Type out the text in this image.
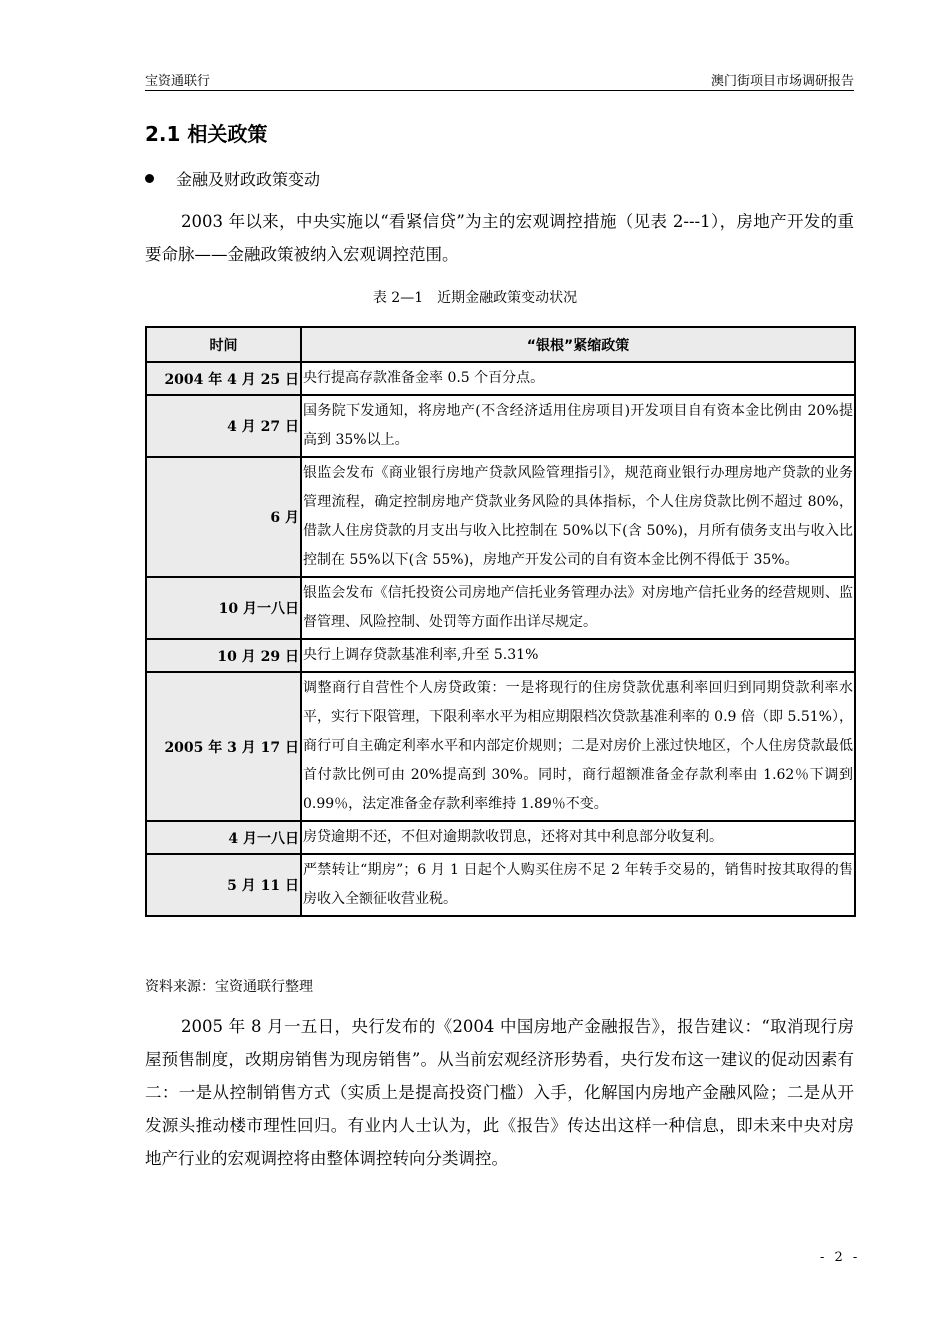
宝资通联行	澳门街项目市场调研报告
2.1 相关政策
金融及财政政策变动
2003 年以来，中央实施以“看紧信贷”为主的宏观调控措施（见表 2---1），房地产开发的重要命脉——金融政策被纳入宏观调控范围。
表 2—1　近期金融政策变动状况
时间	“银根”紧缩政策
2004 年 4 月 25 日	央行提高存款准备金率 0.5 个百分点。
4 月 27 日	国务院下发通知，将房地产(不含经济适用住房项目)开发项目自有资本金比例由 20%提高到 35%以上。
6 月	银监会发布《商业银行房地产贷款风险管理指引》，规范商业银行办理房地产贷款的业务管理流程，确定控制房地产贷款业务风险的具体指标，个人住房贷款比例不超过 80%，借款人住房贷款的月支出与收入比控制在 50%以下(含 50%)，月所有债务支出与收入比控制在 55%以下(含 55%)，房地产开发公司的自有资本金比例不得低于 35%。
10 月一八日	银监会发布《信托投资公司房地产信托业务管理办法》对房地产信托业务的经营规则、监督管理、风险控制、处罚等方面作出详尽规定。
10 月 29 日	央行上调存贷款基准利率,升至 5.31%
2005 年 3 月 17 日	调整商行自营性个人房贷政策：一是将现行的住房贷款优惠利率回归到同期贷款利率水平，实行下限管理，下限利率水平为相应期限档次贷款基准利率的 0.9 倍（即 5.51%），商行可自主确定利率水平和内部定价规则；二是对房价上涨过快地区，个人住房贷款最低首付款比例可由 20%提高到 30%。同时，商行超额准备金存款利率由 1.62％下调到 0.99％，法定准备金存款利率维持 1.89％不变。
4 月一八日	房贷逾期不还，不但对逾期款收罚息，还将对其中利息部分收复利。
5 月 11 日	严禁转让“期房”；6 月 1 日起个人购买住房不足 2 年转手交易的，销售时按其取得的售房收入全额征收营业税。
资料来源：宝资通联行整理
2005 年 8 月一五日，央行发布的《2004 中国房地产金融报告》，报告建议：“取消现行房屋预售制度，改期房销售为现房销售”。从当前宏观经济形势看，央行发布这一建议的促动因素有二：一是从控制销售方式（实质上是提高投资门槛）入手，化解国内房地产金融风险；二是从开发源头推动楼市理性回归。有业内人士认为，此《报告》传达出这样一种信息，即未来中央对房地产行业的宏观调控将由整体调控转向分类调控。
- 2 -
